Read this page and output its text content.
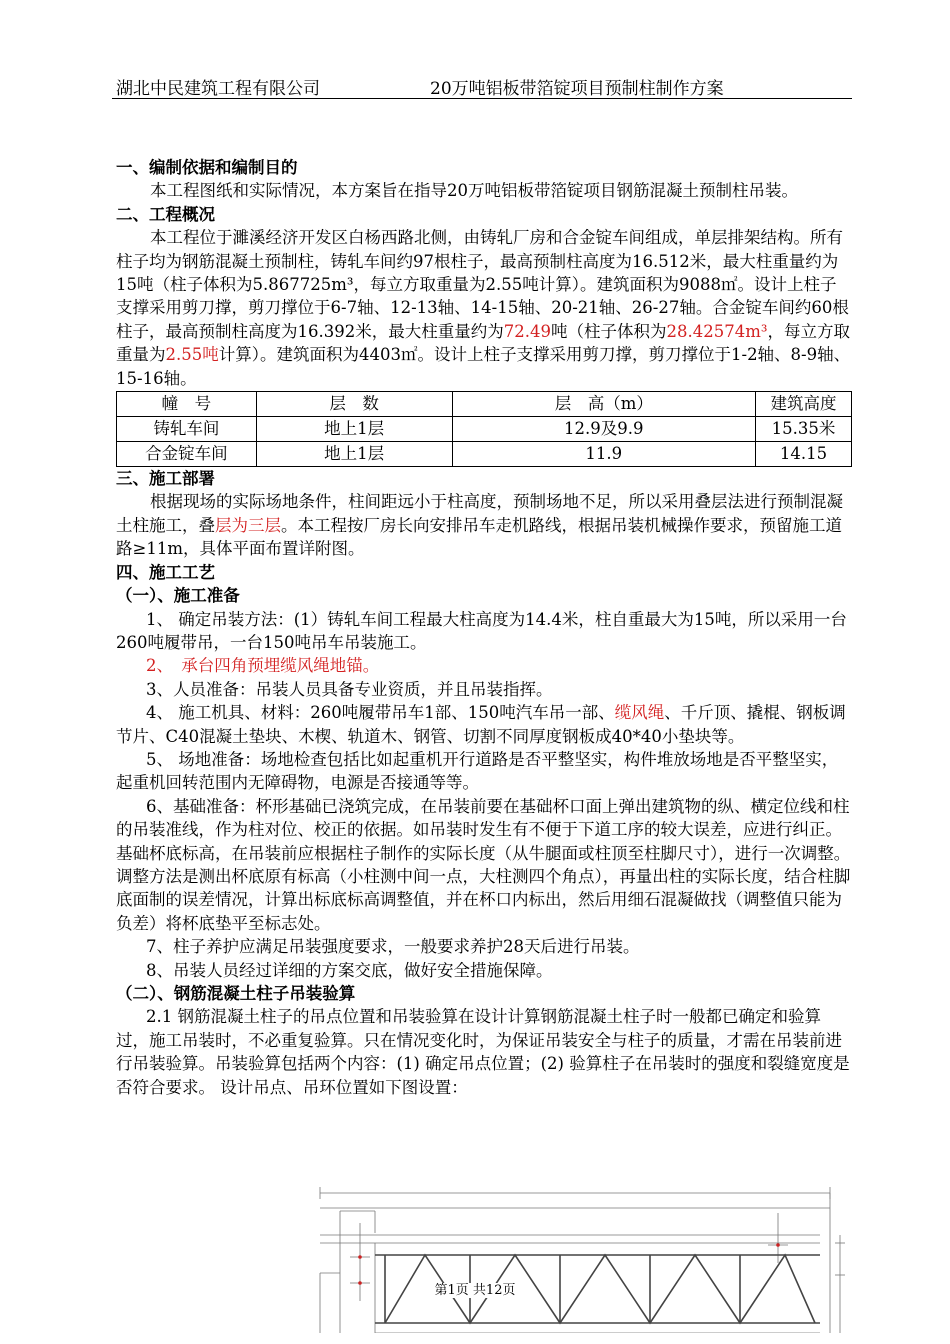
湖北中民建筑工程有限公司	20万吨铝板带箔锭项目预制柱制作方案

一、编制依据和编制目的

本工程图纸和实际情况，本方案旨在指导20万吨铝板带箔锭项目钢筋混凝土预制柱吊装。

二、工程概况

本工程位于濉溪经济开发区白杨西路北侧，由铸轧厂房和合金锭车间组成，单层排架结构。所有柱子均为钢筋混凝土预制柱，铸轧车间约97根柱子，最高预制柱高度为16.512米，最大柱重量约为15吨（柱子体积为5.867725m³，每立方取重量为2.55吨计算）。建筑面积为9088㎡。设计上柱子支撑采用剪刀撑，剪刀撑位于6-7轴、12-13轴、14-15轴、20-21轴、26-27轴。合金锭车间约60根柱子，最高预制柱高度为16.392米，最大柱重量约为72.49吨（柱子体积为28.42574m³，每立方取重量为2.55吨计算）。建筑面积为4403㎡。设计上柱子支撑采用剪刀撑，剪刀撑位于1-2轴、8-9轴、15-16轴。

幢　号	层　数	层　高（m）	建筑高度
铸轧车间	地上1层	12.9及9.9	15.35米
合金锭车间	地上1层	11.9	14.15

三、施工部署

根据现场的实际场地条件，柱间距远小于柱高度，预制场地不足，所以采用叠层法进行预制混凝土柱施工，叠层为三层。本工程按厂房长向安排吊车走机路线，根据吊装机械操作要求，预留施工道路≥11m，具体平面布置详附图。

四、施工工艺

（一）、施工准备

1、 确定吊装方法：(1）铸轧车间工程最大柱高度为14.4米，柱自重最大为15吨，所以采用一台260吨履带吊，一台150吨吊车吊装施工。

2、　承台四角预埋缆风绳地锚。

3、人员准备：吊装人员具备专业资质，并且吊装指挥。

4、 施工机具、材料：260吨履带吊车1部、150吨汽车吊一部、缆风绳、千斤顶、撬棍、钢板调节片、C40混凝土垫块、木楔、轨道木、钢管、切割不同厚度钢板成40*40小垫块等。

5、 场地准备：场地检查包括比如起重机开行道路是否平整坚实，构件堆放场地是否平整坚实，起重机回转范围内无障碍物，电源是否接通等等。

6、基础准备：杯形基础已浇筑完成，在吊装前要在基础杯口面上弹出建筑物的纵、横定位线和柱的吊装准线，作为柱对位、校正的依据。如吊装时发生有不便于下道工序的较大误差，应进行纠正。基础杯底标高，在吊装前应根据柱子制作的实际长度（从牛腿面或柱顶至柱脚尺寸），进行一次调整。调整方法是测出杯底原有标高（小柱测中间一点，大柱测四个角点），再量出柱的实际长度，结合柱脚底面制的误差情况，计算出标底标高调整值，并在杯口内标出，然后用细石混凝做找（调整值只能为负差）将杯底垫平至标志处。

7、柱子养护应满足吊装强度要求，一般要求养护28天后进行吊装。

8、吊装人员经过详细的方案交底，做好安全措施保障。

（二）、钢筋混凝土柱子吊装验算

2.1 钢筋混凝土柱子的吊点位置和吊装验算在设计计算钢筋混凝土柱子时一般都已确定和验算过，施工吊装时，不必重复验算。只在情况变化时，为保证吊装安全与柱子的质量，才需在吊装前进行吊装验算。吊装验算包括两个内容：(1) 确定吊点位置；(2) 验算柱子在吊装时的强度和裂缝宽度是否符合要求。 设计吊点、吊环位置如下图设置：

第1页 共12页
